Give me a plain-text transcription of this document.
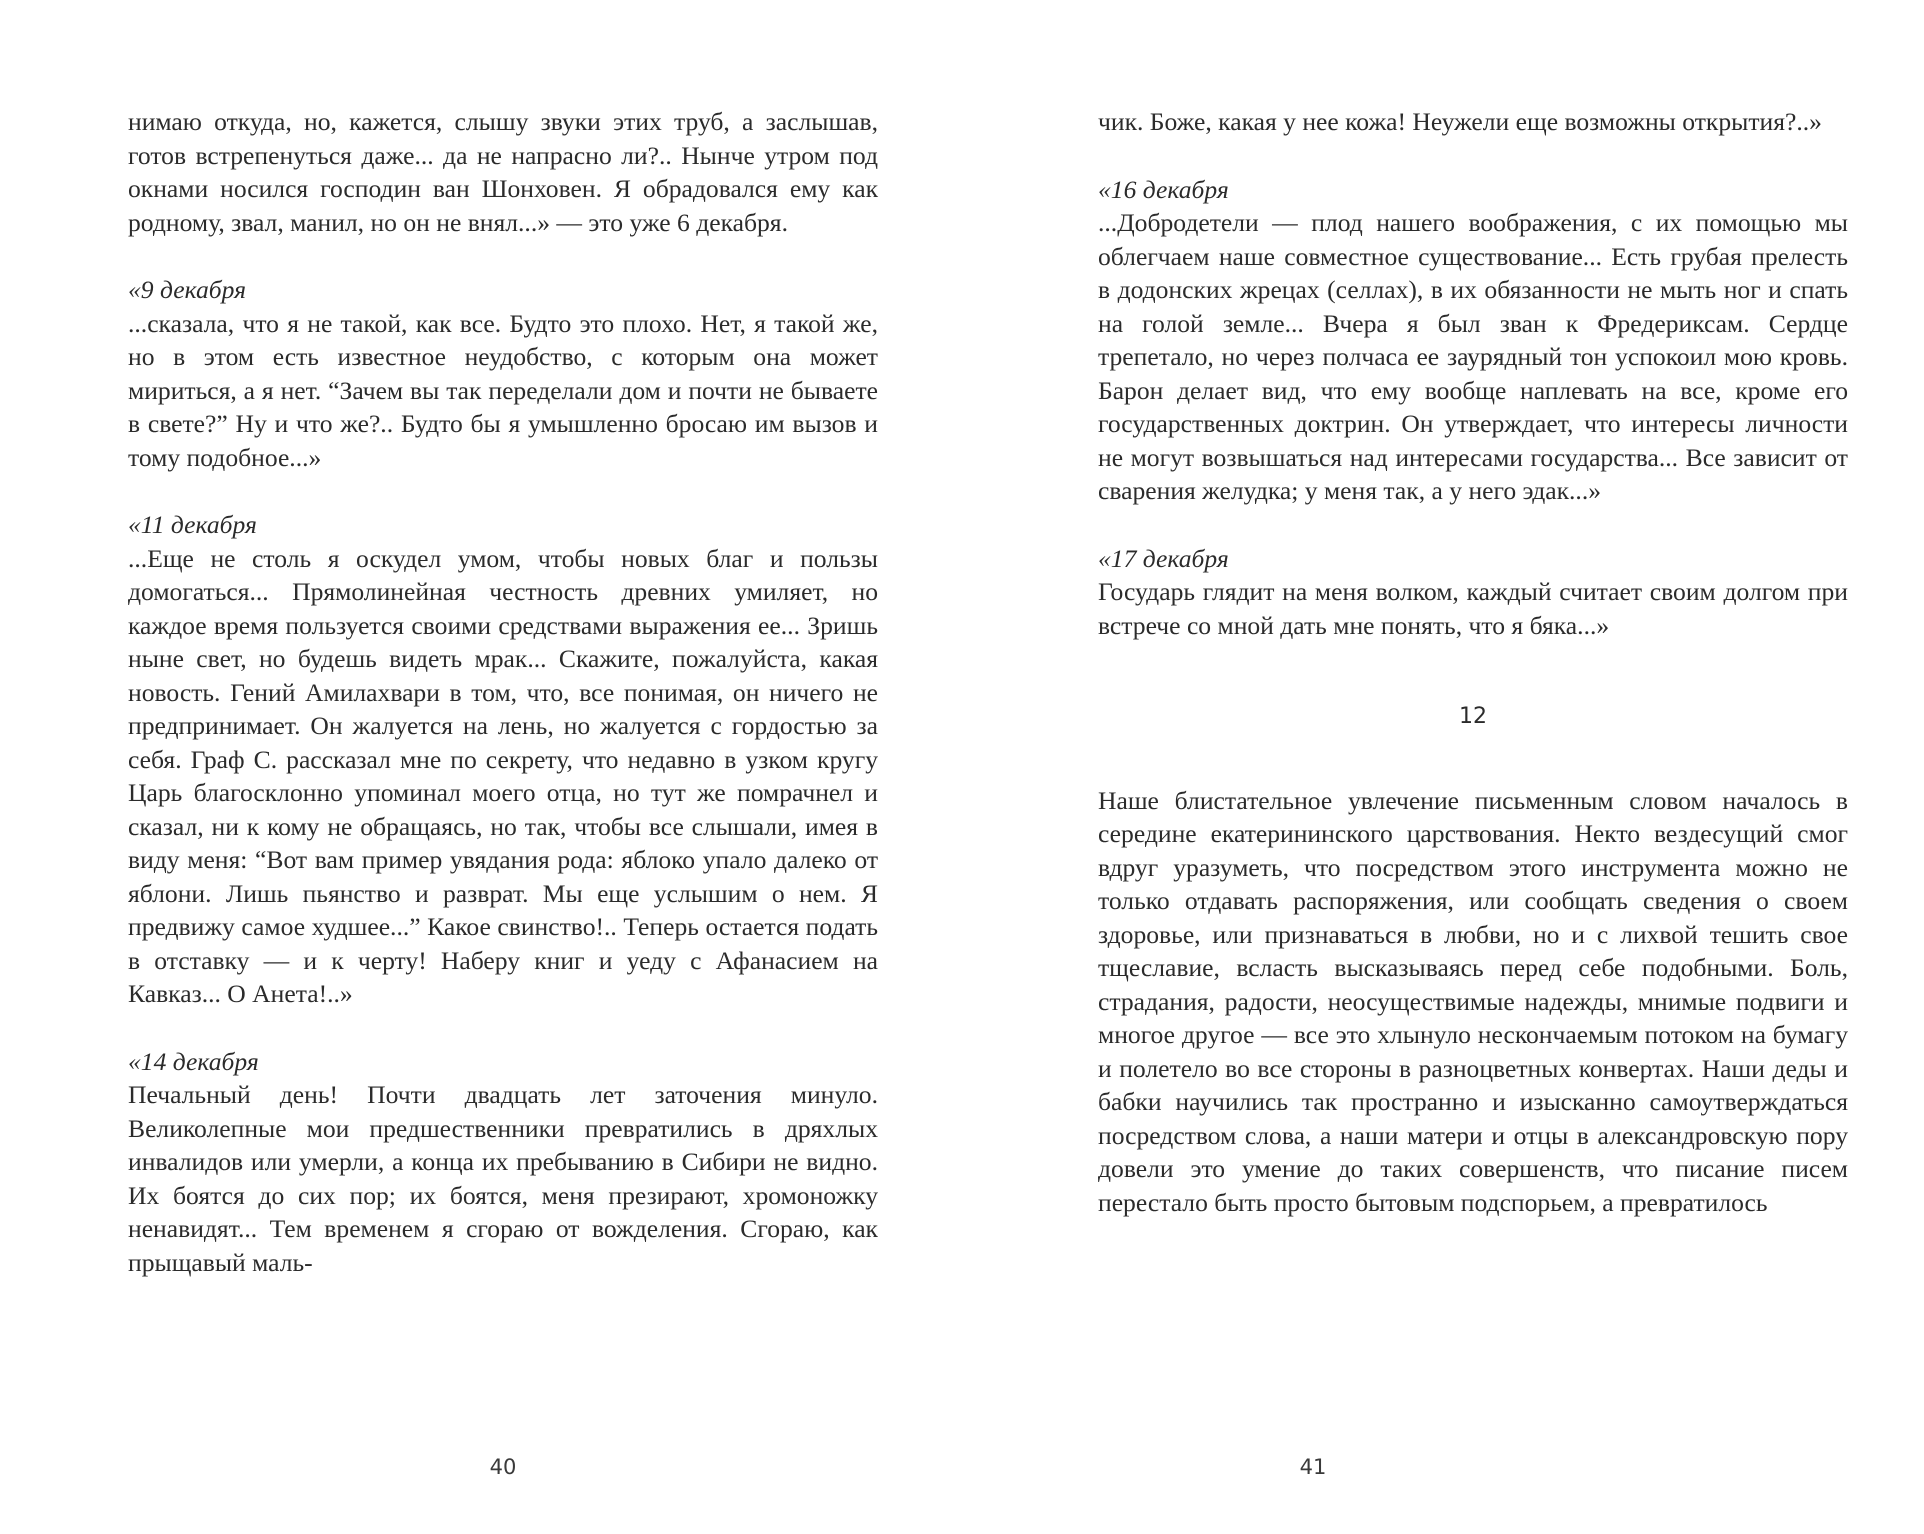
нимаю откуда, но, кажется, слышу звуки этих труб, а заслышав, готов встрепенуться даже... да не напрасно ли?.. Нынче утром под окнами носился господин ван Шонховен. Я обрадовался ему как родному, звал, манил, но он не внял...» — это уже 6 декабря.

«9 декабря

...сказала, что я не такой, как все. Будто это плохо. Нет, я такой же, но в этом есть известное неудобство, с которым она может мириться, а я нет. “Зачем вы так переделали дом и почти не бываете в свете?” Ну и что же?.. Будто бы я умышленно бросаю им вызов и тому подобное...»

«11 декабря

...Еще не столь я оскудел умом, чтобы новых благ и пользы домогаться... Прямолинейная честность древних умиляет, но каждое время пользуется своими средствами выражения ее... Зришь ныне свет, но будешь видеть мрак... Скажите, пожалуйста, какая новость. Гений Амилахвари в том, что, все понимая, он ничего не предпринимает. Он жалуется на лень, но жалуется с гордостью за себя. Граф С. рассказал мне по секрету, что недавно в узком кругу Царь благосклонно упоминал моего отца, но тут же помрачнел и сказал, ни к кому не обращаясь, но так, чтобы все слышали, имея в виду меня: “Вот вам пример увядания рода: яблоко упало далеко от яблони. Лишь пьянство и разврат. Мы еще услышим о нем. Я предвижу самое худшее...” Какое свинство!.. Теперь остается подать в отставку — и к черту! Наберу книг и уеду с Афанасием на Кавказ... О Анета!..»

«14 декабря

Печальный день! Почти двадцать лет заточения минуло. Великолепные мои предшественники превратились в дряхлых инвалидов или умерли, а конца их пребыванию в Сибири не видно. Их боятся до сих пор; их боятся, меня презирают, хромоножку ненавидят... Тем временем я сгораю от вожделения. Сгораю, как прыщавый маль-

40

чик. Боже, какая у нее кожа! Неужели еще возможны открытия?..»

«16 декабря

...Добродетели — плод нашего воображения, с их помощью мы облегчаем наше совместное существование... Есть грубая прелесть в додонских жрецах (селлах), в их обязанности не мыть ног и спать на голой земле... Вчера я был зван к Фредериксам. Сердце трепетало, но через полчаса ее заурядный тон успокоил мою кровь. Барон делает вид, что ему вообще наплевать на все, кроме его государственных доктрин. Он утверждает, что интересы личности не могут возвышаться над интересами государства... Все зависит от сварения желудка; у меня так, а у него эдак...»

«17 декабря

Государь глядит на меня волком, каждый считает своим долгом при встрече со мной дать мне понять, что я бяка...»

12

Наше блистательное увлечение письменным словом началось в середине екатерининского царствования. Некто вездесущий смог вдруг уразуметь, что посредством этого инструмента можно не только отдавать распоряжения, или сообщать сведения о своем здоровье, или признаваться в любви, но и с лихвой тешить свое тщеславие, всласть высказываясь перед себе подобными. Боль, страдания, радости, неосуществимые надежды, мнимые подвиги и многое другое — все это хлынуло нескончаемым потоком на бумагу и полетело во все стороны в разноцветных конвертах. Наши деды и бабки научились так пространно и изысканно самоутверждаться посредством слова, а наши матери и отцы в александровскую пору довели это умение до таких совершенств, что писание писем перестало быть просто бытовым подспорьем, а превратилось

41
